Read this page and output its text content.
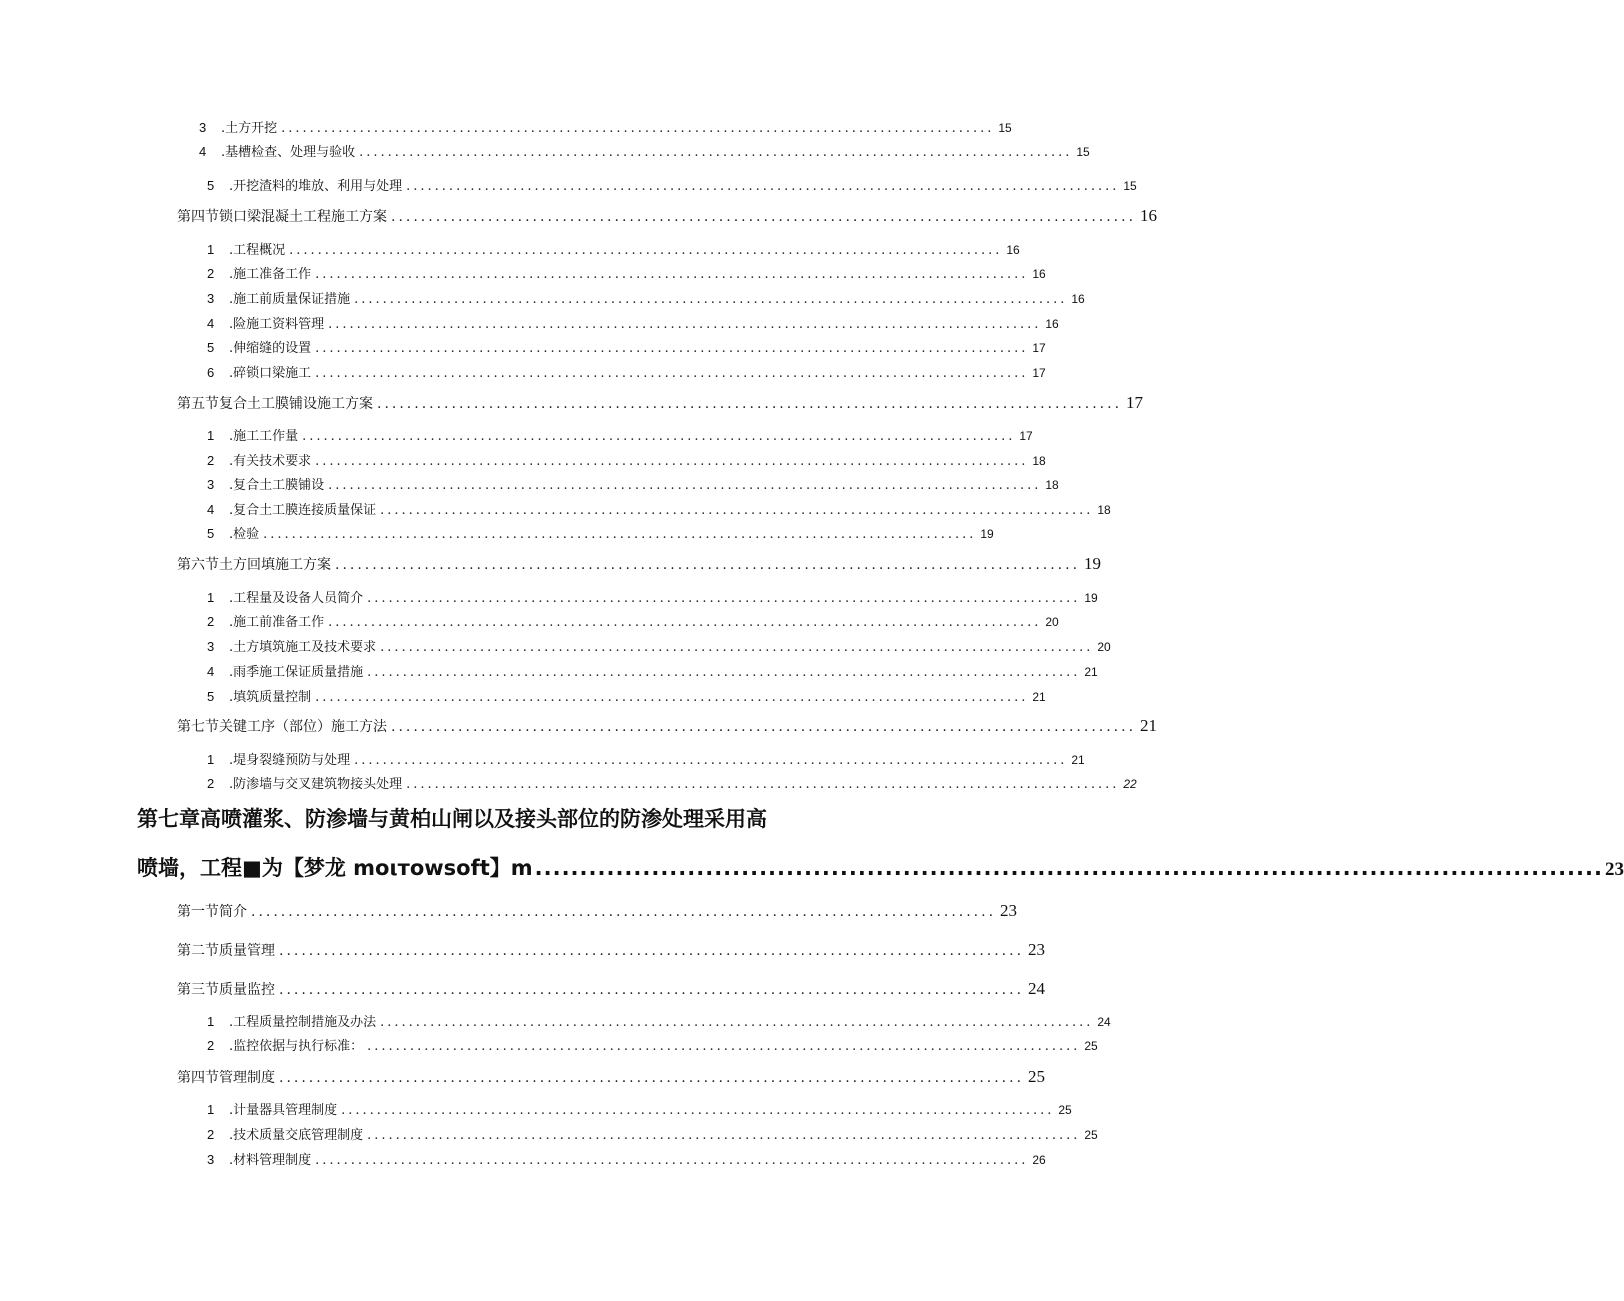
3	.土方开挖 .................................................................................................... 15
4	.基槽检查、处理与验收 .................................................................................................... 15
5	.开挖渣料的堆放、利用与处理 .................................................................................................... 15
第四节锁口梁混凝土工程施工方案 .................................................................................................... 16
1	.工程概况 .................................................................................................... 16
2	.施工准备工作 .................................................................................................... 16
3	.施工前质量保证措施 .................................................................................................... 16
4	.险施工资料管理 .................................................................................................... 16
5	.伸缩缝的设置 .................................................................................................... 17
6	.碎锁口梁施工 .................................................................................................... 17
第五节复合土工膜铺设施工方案 .................................................................................................... 17
1	.施工工作量 .................................................................................................... 17
2	.有关技术要求 .................................................................................................... 18
3	.复合土工膜铺设 .................................................................................................... 18
4	.复合土工膜连接质量保证 .................................................................................................... 18
5	.检验 .................................................................................................... 19
第六节土方回填施工方案 .................................................................................................... 19
1	.工程量及设备人员简介 .................................................................................................... 19
2	.施工前准备工作 .................................................................................................... 20
3	.土方填筑施工及技术要求 .................................................................................................... 20
4	.雨季施工保证质量措施 .................................................................................................... 21
5	.填筑质量控制 .................................................................................................... 21
第七节关键工序（部位）施工方法 .................................................................................................... 21
1	.堤身裂缝预防与处理 .................................................................................................... 21
2	.防渗墙与交叉建筑物接头处理 .................................................................................................... 22
第七章高喷灌浆、防渗墙与黄柏山闸以及接头部位的防渗处理采用高
喷墙，工程■为【梦龙 moιтowsoft】m ....................................................................................................................... 23
第一节简介 .................................................................................................... 23
第二节质量管理 .................................................................................................... 23
第三节质量监控 .................................................................................................... 24
1	.工程质量控制措施及办法 .................................................................................................... 24
2	.监控依据与执行标准： .................................................................................................... 25
第四节管理制度 .................................................................................................... 25
1	.计量器具管理制度 .................................................................................................... 25
2	.技术质量交底管理制度 .................................................................................................... 25
3	.材料管理制度 .................................................................................................... 26
